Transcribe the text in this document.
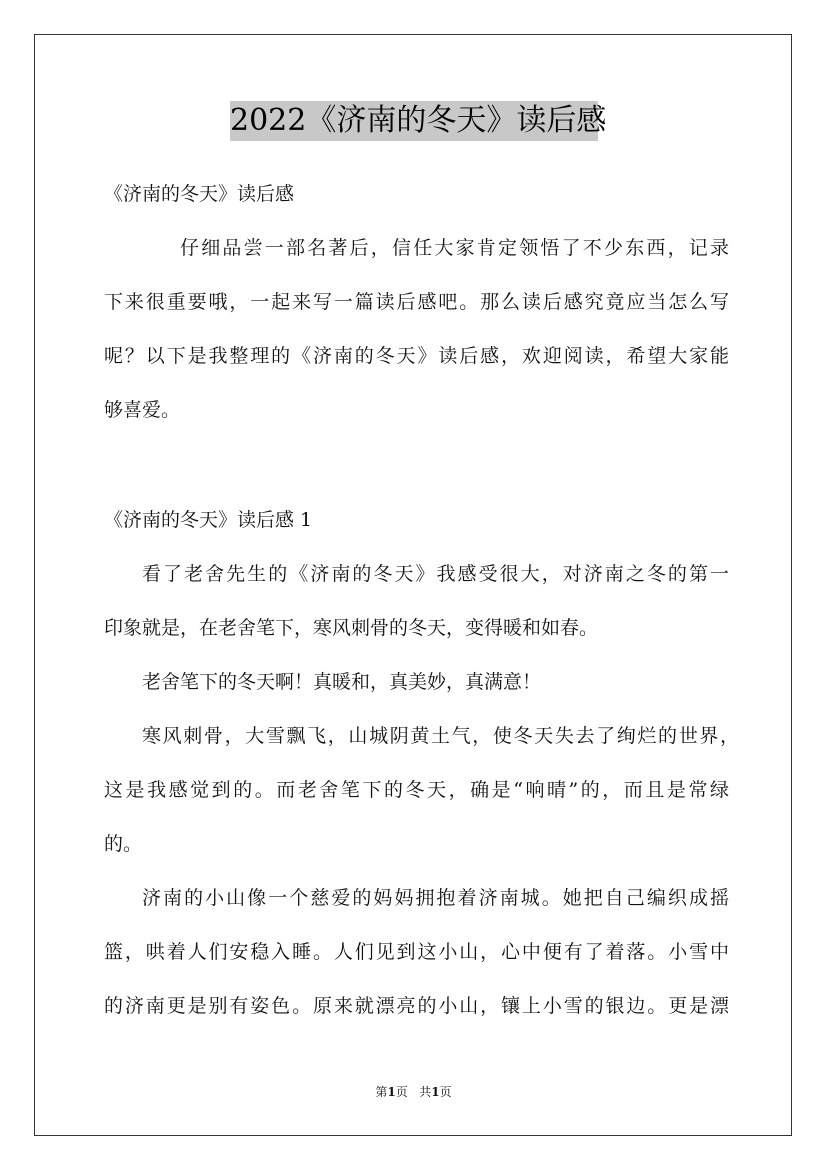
2022《济南的冬天》读后感
《济南的冬天》读后感
仔细品尝一部名著后，信任大家肯定领悟了不少东西，记录
下来很重要哦，一起来写一篇读后感吧。那么读后感究竟应当怎么写
呢？以下是我整理的《济南的冬天》读后感，欢迎阅读，希望大家能
够喜爱。
《济南的冬天》读后感 1
看了老舍先生的《济南的冬天》我感受很大，对济南之冬的第一
印象就是，在老舍笔下，寒风刺骨的冬天，变得暖和如春。
老舍笔下的冬天啊！真暖和，真美妙，真满意！
寒风刺骨，大雪飘飞，山城阴黄土气，使冬天失去了绚烂的世界，
这是我感觉到的。而老舍笔下的冬天，确是“响晴”的，而且是常绿
的。
济南的小山像一个慈爱的妈妈拥抱着济南城。她把自己编织成摇
篮，哄着人们安稳入睡。人们见到这小山，心中便有了着落。小雪中
的济南更是别有姿色。原来就漂亮的小山，镶上小雪的银边。更是漂
第1页 共1页
